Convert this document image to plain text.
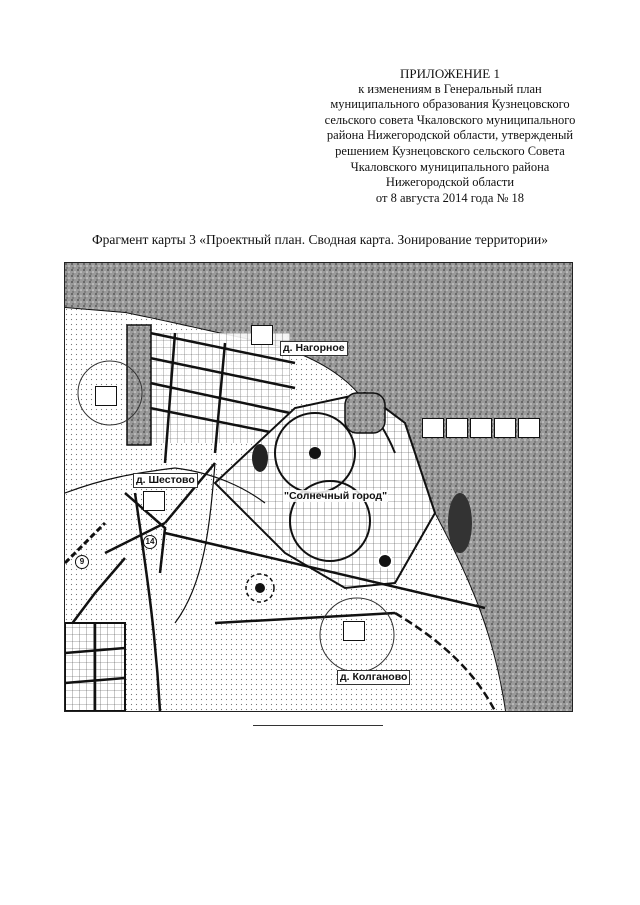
ПРИЛОЖЕНИЕ 1
к изменениям в Генеральный план
муниципального образования Кузнецовского
сельского совета Чкаловского муниципального
района Нижегородской области, утвержденый
решением Кузнецовского сельского Совета
Чкаловского муниципального района
Нижегородской области
от 8 августа 2014 года № 18
Фрагмент карты 3 «Проектный план. Сводная карта. Зонирование территории»
д. Нагорное
д. Шестово
д. Колганово
"Солнечный город"
14
9
